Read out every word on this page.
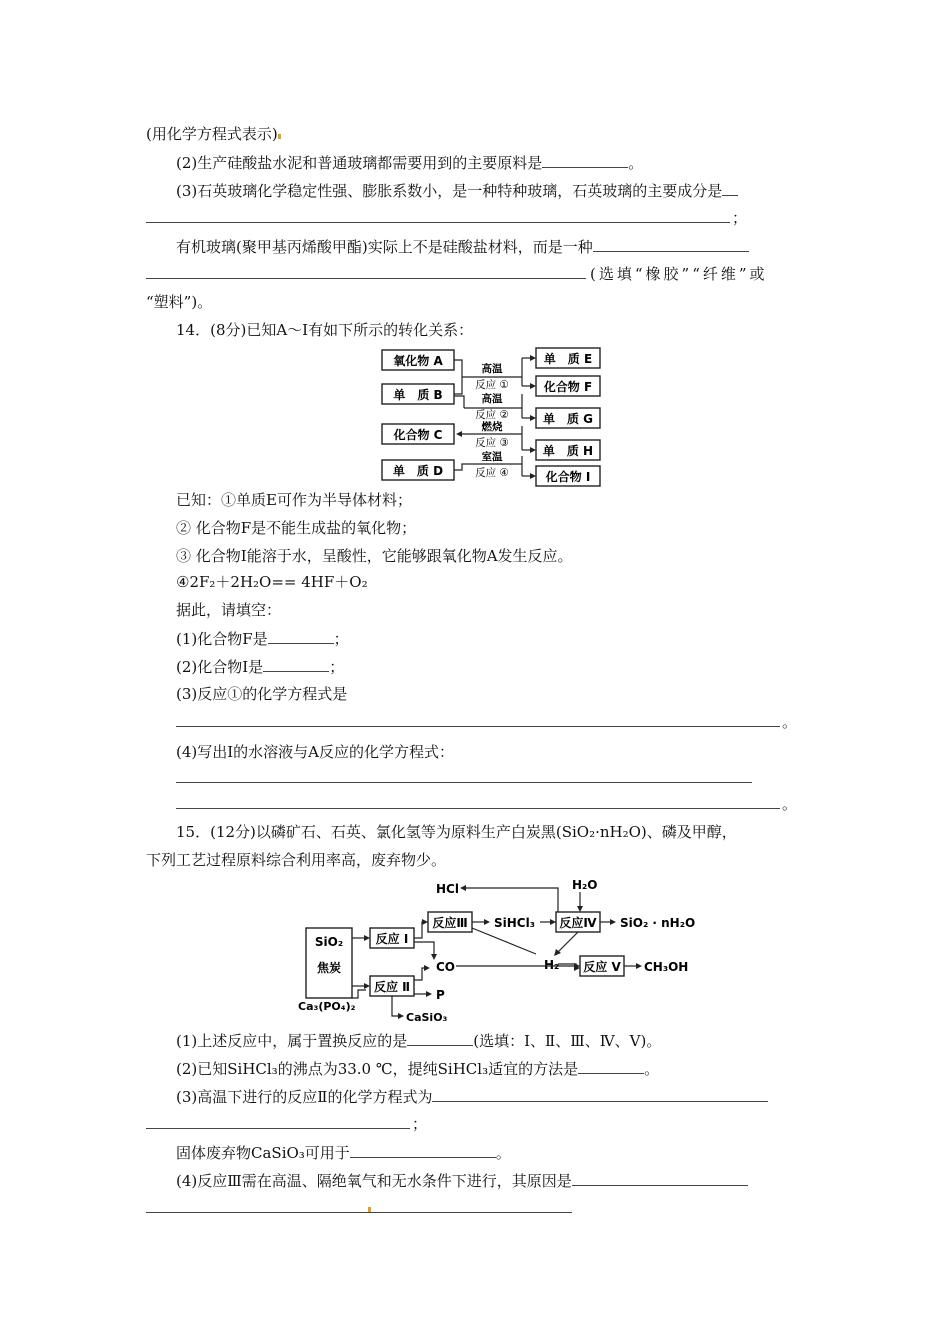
(用化学方程式表示)
(2)生产硅酸盐水泥和普通玻璃都需要用到的主要原料是	。
(3)石英玻璃化学稳定性强、膨胀系数小，是一种特种玻璃，石英玻璃的主要成分是
；
有机玻璃(聚甲基丙烯酸甲酯)实际上不是硅酸盐材料，而是一种
(选填“橡胶”“纤维”或
“塑料”)。
14．(8分)已知A～I有如下所示的转化关系：
氧化物 A
单　质 B
化合物 C
单　质 D
单　质 E
化合物 F
单　质 G
单　质 H
化合物 I
高温
反应 ①
高温
反应 ②
燃烧
反应 ③
室温
反应 ④
已知：①单质E可作为半导体材料；
② 化合物F是不能生成盐的氧化物；
③ 化合物I能溶于水，呈酸性，它能够跟氧化物A发生反应。
④2F₂＋2H₂O== 4HF＋O₂
据此，请填空：
(1)化合物F是	；
(2)化合物I是	；
(3)反应①的化学方程式是
。
(4)写出I的水溶液与A反应的化学方程式：
。
15．(12分)以磷矿石、石英、氯化氢等为原料生产白炭黑(SiO₂·nH₂O)、磷及甲醇，
下列工艺过程原料综合利用率高，废弃物少。
HCl	H₂O
反应Ⅲ SiHCl₃ 反应Ⅳ SiO₂ · nH₂O
SiO₂
焦炭
反应 Ⅰ
H₂
CO	反应 Ⅴ CH₃OH
反应 Ⅱ
Ca₃(PO₄)₂
P
CaSiO₃
(1)上述反应中，属于置换反应的是	(选填：Ⅰ、Ⅱ、Ⅲ、Ⅳ、Ⅴ)。
(2)已知SiHCl₃的沸点为33.0 ℃，提纯SiHCl₃适宜的方法是	。
(3)高温下进行的反应Ⅱ的化学方程式为
；
固体废弃物CaSiO₃可用于	。
(4)反应Ⅲ需在高温、隔绝氧气和无水条件下进行，其原因是
